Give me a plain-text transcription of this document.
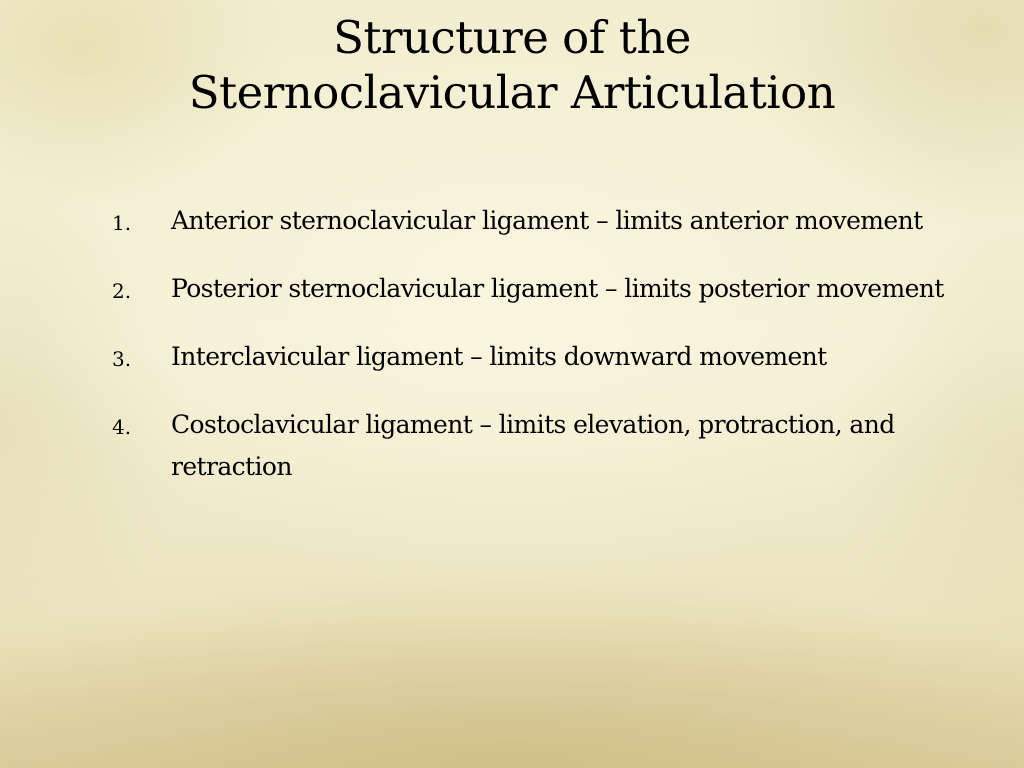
Structure of the
Sternoclavicular Articulation
1. Anterior sternoclavicular ligament – limits anterior movement
2. Posterior sternoclavicular ligament – limits posterior movement
3. Interclavicular ligament – limits downward movement
4. Costoclavicular ligament – limits elevation, protraction, and retraction
